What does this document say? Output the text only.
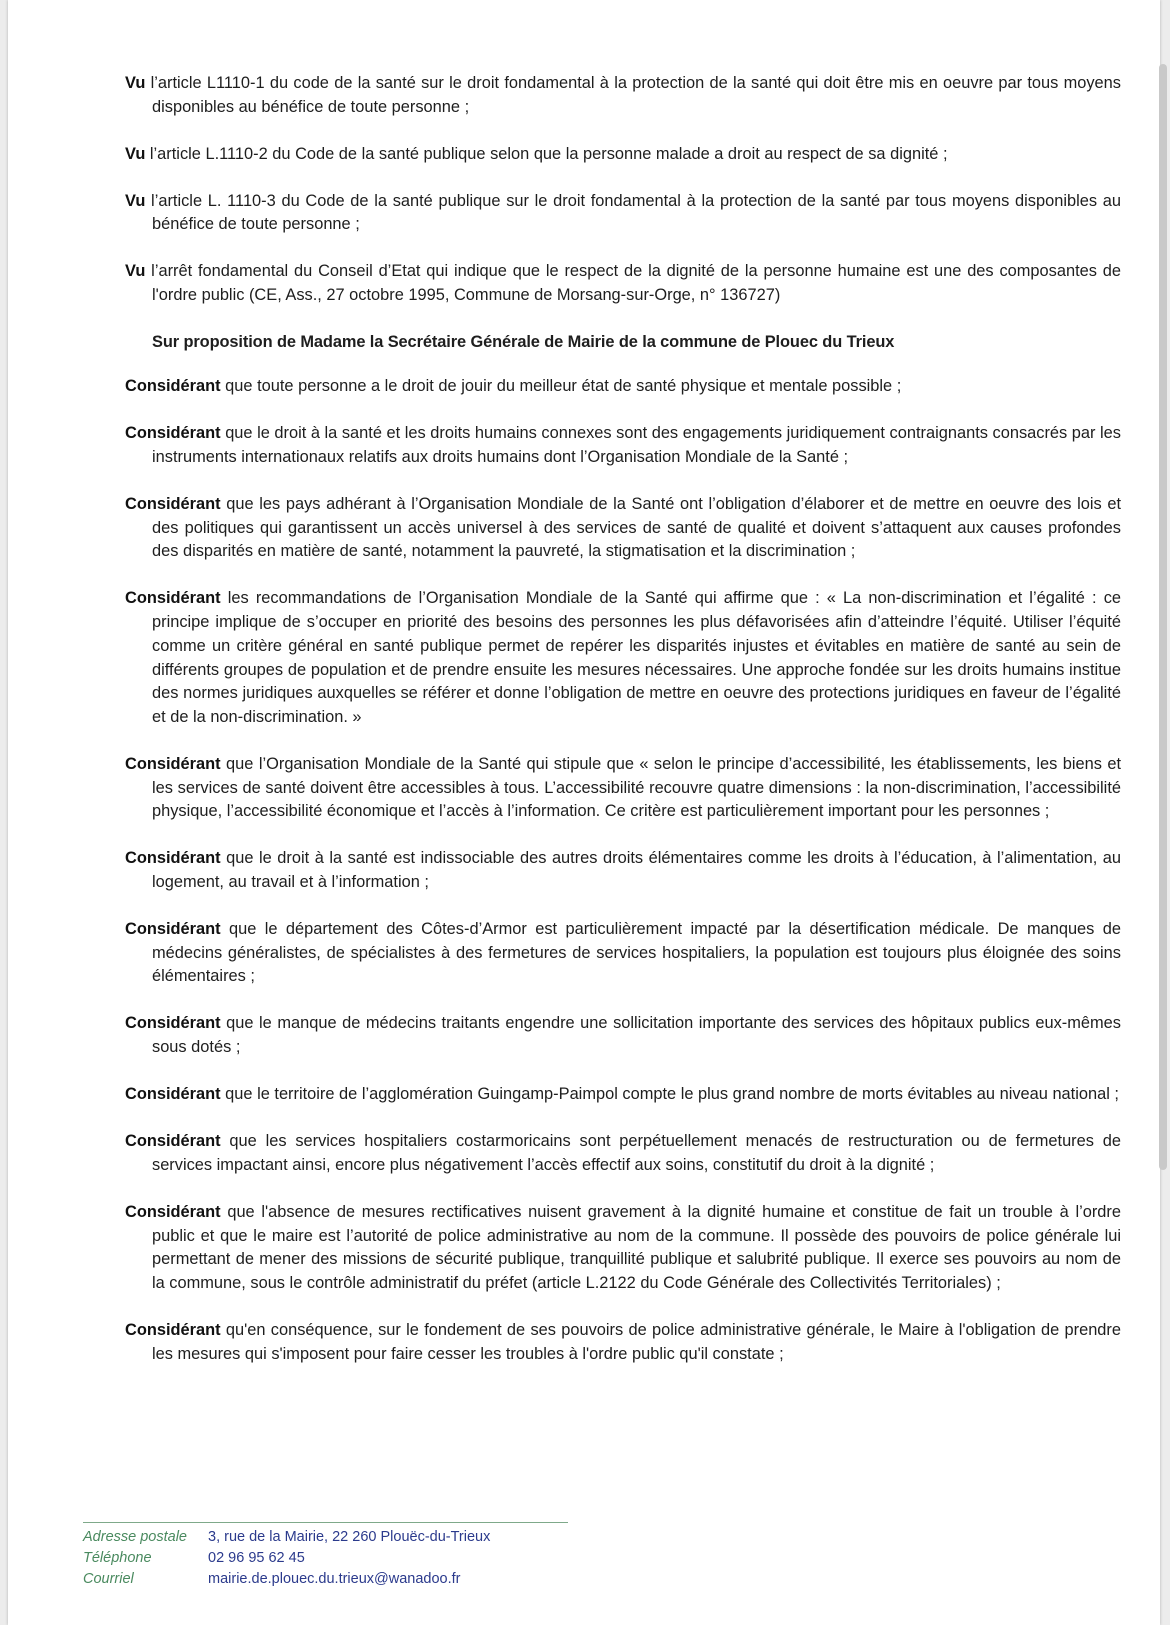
Vu l’article L1110-1 du code de la santé sur le droit fondamental à la protection de la santé qui doit être mis en oeuvre par tous moyens disponibles au bénéfice de toute personne ;

Vu l’article L.1110-2 du Code de la santé publique selon que la personne malade a droit au respect de sa dignité ;

Vu l’article L. 1110-3 du Code de la santé publique sur le droit fondamental à la protection de la santé par tous moyens disponibles au bénéfice de toute personne ;

Vu l’arrêt fondamental du Conseil d’Etat qui indique que le respect de la dignité de la personne humaine est une des composantes de l'ordre public (CE, Ass., 27 octobre 1995, Commune de Morsang-sur-Orge, n° 136727)

Sur proposition de Madame la Secrétaire Générale de Mairie de la commune de Plouec du Trieux

Considérant que toute personne a le droit de jouir du meilleur état de santé physique et mentale possible ;

Considérant que le droit à la santé et les droits humains connexes sont des engagements juridiquement contraignants consacrés par les instruments internationaux relatifs aux droits humains dont l’Organisation Mondiale de la Santé ;

Considérant que les pays adhérant à l’Organisation Mondiale de la Santé ont l’obligation d’élaborer et de mettre en oeuvre des lois et des politiques qui garantissent un accès universel à des services de santé de qualité et doivent s’attaquent aux causes profondes des disparités en matière de santé, notamment la pauvreté, la stigmatisation et la discrimination ;

Considérant les recommandations de l’Organisation Mondiale de la Santé qui affirme que : « La non-discrimination et l’égalité : ce principe implique de s’occuper en priorité des besoins des personnes les plus défavorisées afin d’atteindre l’équité. Utiliser l’équité comme un critère général en santé publique permet de repérer les disparités injustes et évitables en matière de santé au sein de différents groupes de population et de prendre ensuite les mesures nécessaires. Une approche fondée sur les droits humains institue des normes juridiques auxquelles se référer et donne l’obligation de mettre en oeuvre des protections juridiques en faveur de l’égalité et de la non-discrimination. »

Considérant que l’Organisation Mondiale de la Santé qui stipule que « selon le principe d’accessibilité, les établissements, les biens et les services de santé doivent être accessibles à tous. L’accessibilité recouvre quatre dimensions : la non-discrimination, l’accessibilité physique, l’accessibilité économique et l’accès à l’information. Ce critère est particulièrement important pour les personnes ;

Considérant que le droit à la santé est indissociable des autres droits élémentaires comme les droits à l’éducation, à l’alimentation, au logement, au travail et à l’information ;

Considérant que le département des Côtes-d’Armor est particulièrement impacté par la désertification médicale. De manques de médecins généralistes, de spécialistes à des fermetures de services hospitaliers, la population est toujours plus éloignée des soins élémentaires ;

Considérant que le manque de médecins traitants engendre une sollicitation importante des services des hôpitaux publics eux-mêmes sous dotés ;

Considérant que le territoire de l’agglomération Guingamp-Paimpol compte le plus grand nombre de morts évitables au niveau national ;

Considérant que les services hospitaliers costarmoricains sont perpétuellement menacés de restructuration ou de fermetures de services impactant ainsi, encore plus négativement l’accès effectif aux soins, constitutif du droit à la dignité ;

Considérant que l'absence de mesures rectificatives nuisent gravement à la dignité humaine et constitue de fait un trouble à l’ordre public et que le maire est l’autorité de police administrative au nom de la commune. Il possède des pouvoirs de police générale lui permettant de mener des missions de sécurité publique, tranquillité publique et salubrité publique. Il exerce ses pouvoirs au nom de la commune, sous le contrôle administratif du préfet (article L.2122 du Code Générale des Collectivités Territoriales) ;

Considérant qu'en conséquence, sur le fondement de ses pouvoirs de police administrative générale, le Maire à l'obligation de prendre les mesures qui s'imposent pour faire cesser les troubles à l'ordre public qu'il constate ;

Adresse postale	3, rue de la Mairie, 22 260 Plouëc-du-Trieux
Téléphone	02 96 95 62 45
Courriel	mairie.de.plouec.du.trieux@wanadoo.fr
